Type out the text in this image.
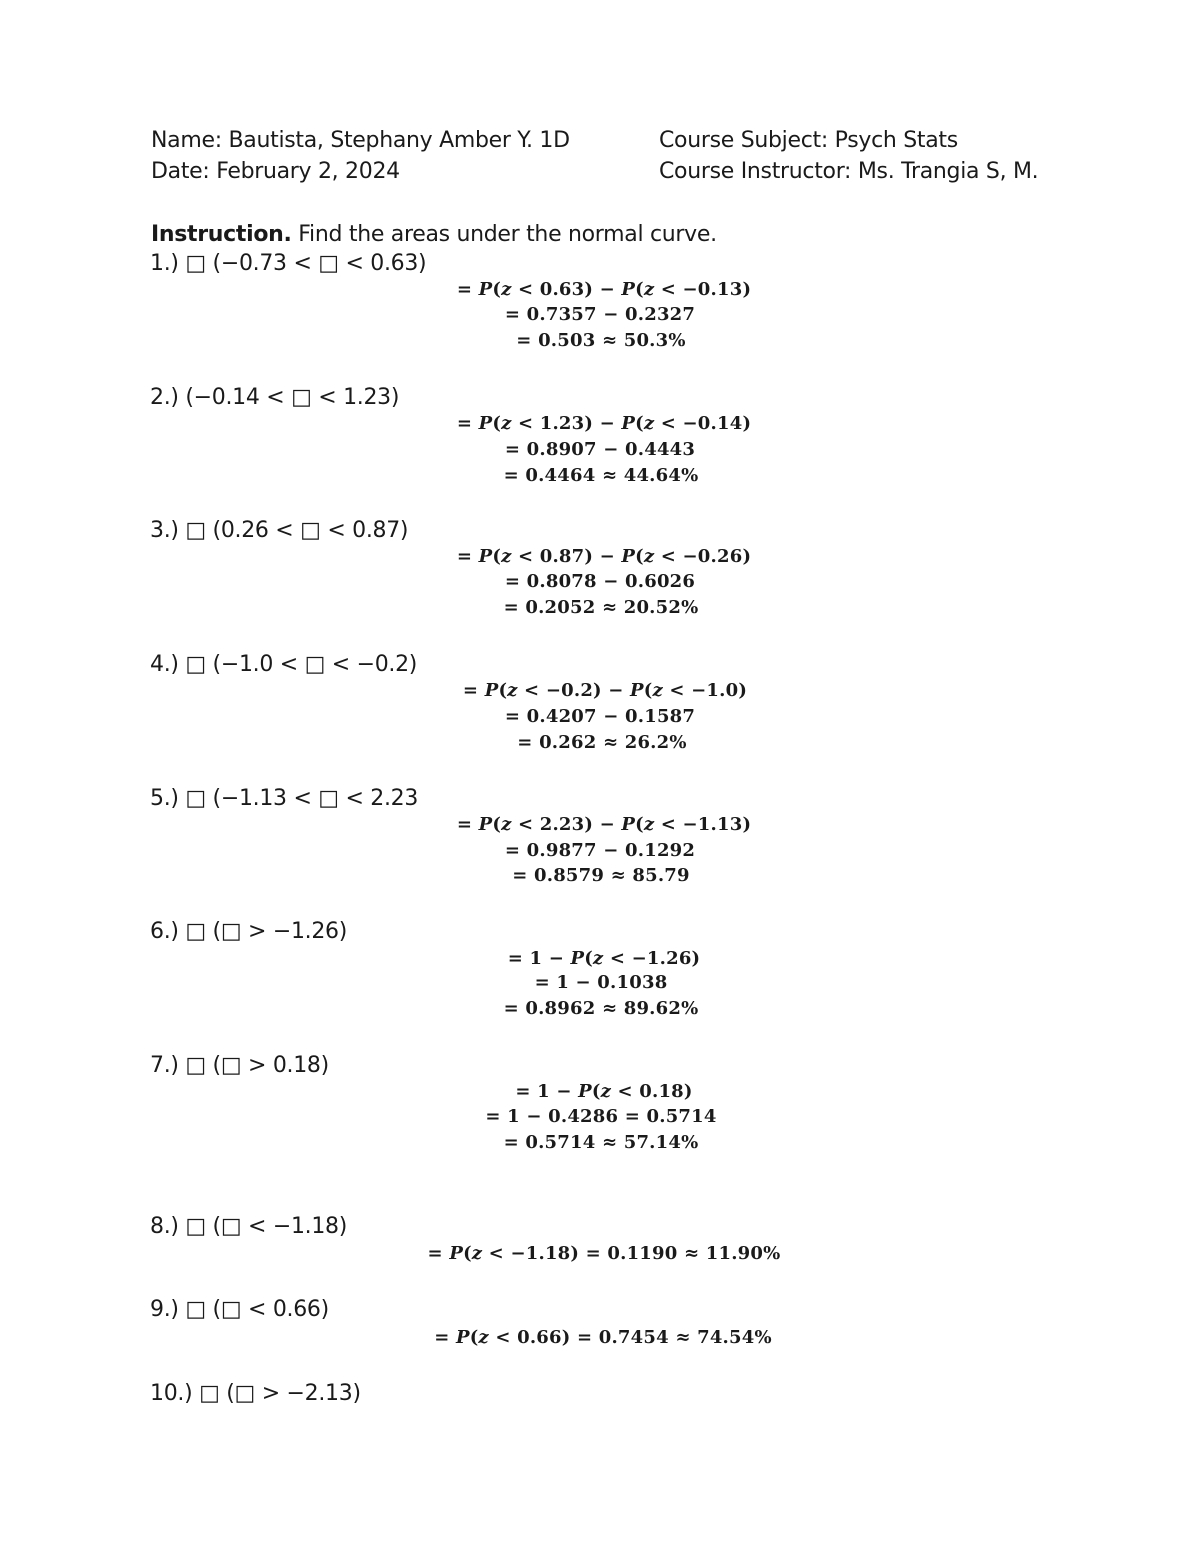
Name: Bautista, Stephany Amber Y. 1D
Date: February 2, 2024
Course Subject: Psych Stats
Course Instructor: Ms. Trangia S, M.
Instruction. Find the areas under the normal curve.
1.) □ (−0.73 < □ < 0.63)
= P(z < 0.63) − P(z < −0.13)
= 0.7357 − 0.2327
= 0.503 ≈ 50.3%
2.) (−0.14 < □ < 1.23)
= P(z < 1.23) − P(z < −0.14)
= 0.8907 − 0.4443
= 0.4464 ≈ 44.64%
3.) □ (0.26 < □ < 0.87)
= P(z < 0.87) − P(z < −0.26)
= 0.8078 − 0.6026
= 0.2052 ≈ 20.52%
4.) □ (−1.0 < □ < −0.2)
= P(z < −0.2) − P(z < −1.0)
= 0.4207 − 0.1587
= 0.262 ≈ 26.2%
5.) □ (−1.13 < □ < 2.23
= P(z < 2.23) − P(z < −1.13)
= 0.9877 − 0.1292
= 0.8579 ≈ 85.79
6.) □ (□ > −1.26)
= 1 − P(z < −1.26)
= 1 − 0.1038
= 0.8962 ≈ 89.62%
7.) □ (□ > 0.18)
= 1 − P(z < 0.18)
= 1 − 0.4286 = 0.5714
= 0.5714 ≈ 57.14%
8.) □ (□ < −1.18)
= P(z < −1.18) = 0.1190 ≈ 11.90%
9.) □ (□ < 0.66)
= P(z < 0.66) = 0.7454 ≈ 74.54%
10.) □ (□ > −2.13)
